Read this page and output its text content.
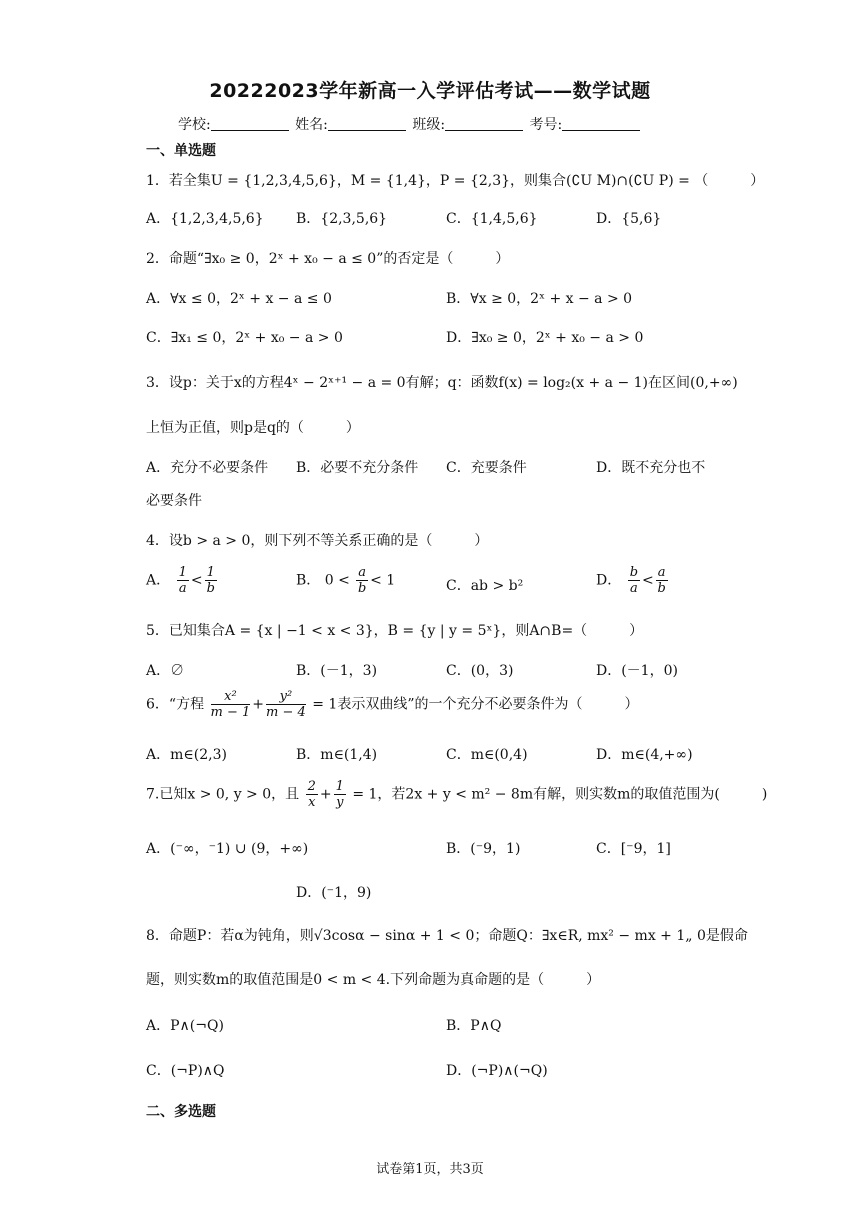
20222023学年新高一入学评估考试——数学试题
学校:	姓名:	班级:	考号:
一、单选题
1．若全集U = {1,2,3,4,5,6}，M = {1,4}，P = {2,3}，则集合(∁U M)∩(∁U P) = （　　　）
A．{1,2,3,4,5,6} B．{2,3,5,6}	C．{1,4,5,6}	D．{5,6}
2．命题“∃x₀ ≥ 0，2ˣ + x₀ − a ≤ 0”的否定是（　　　）
A．∀x ≤ 0，2ˣ + x − a ≤ 0	B．∀x ≥ 0，2ˣ + x − a > 0
C．∃x₁ ≤ 0，2ˣ + x₀ − a > 0	D．∃x₀ ≥ 0，2ˣ + x₀ − a > 0
3．设p：关于x的方程4ˣ − 2ˣ⁺¹ − a = 0有解；q：函数f(x) = log₂(x + a − 1)在区间(0,+∞)
上恒为正值，则p是q的（　　　）
A．充分不必要条件 B．必要不充分条件 C．充要条件	D．既不充分也不
必要条件
4．设b > a > 0，则下列不等关系正确的是（　　　）
A． $\frac{1}{a} < \frac{1}{b}$	B． $0 < \frac{a}{b} < 1$	C．ab > b²	D． $\frac{b}{a} < \frac{a}{b}$
5．已知集合A = {x | −1 < x < 3}，B = {y | y = 5ˣ}，则A∩B=（　　　）
A．∅	B．(－1，3)	C．(0，3)	D．(－1，0)
6．“方程 $\frac{\text{x²}}{m - 1} + \frac{\text{y²}}{m - 4} = 1$表示双曲线”的一个充分不必要条件为（　　　）
A．m∈(2,3)	B．m∈(1,4)	C．m∈(0,4)	D．m∈(4,+∞)
7.已知x > 0, y > 0，且 $\frac{2}{x} + \frac{1}{y} = 1$，若2x + y < m² − 8m有解，则实数m的取值范围为(　　　)
A．(⁻∞，⁻1) ∪ (9，+∞)	B．(⁻9，1)	C．[⁻9，1]
D．(⁻1，9)
8．命题P：若α为钝角，则√3cosα − sinα + 1 < 0；命题Q：∃x∈R, mx² − mx + 1„ 0是假命
题，则实数m的取值范围是0 < m < 4.下列命题为真命题的是（　　　）
A．P∧(¬Q)	B．P∧Q
C．(¬P)∧Q	D．(¬P)∧(¬Q)
二、多选题
试卷第1页，共3页
